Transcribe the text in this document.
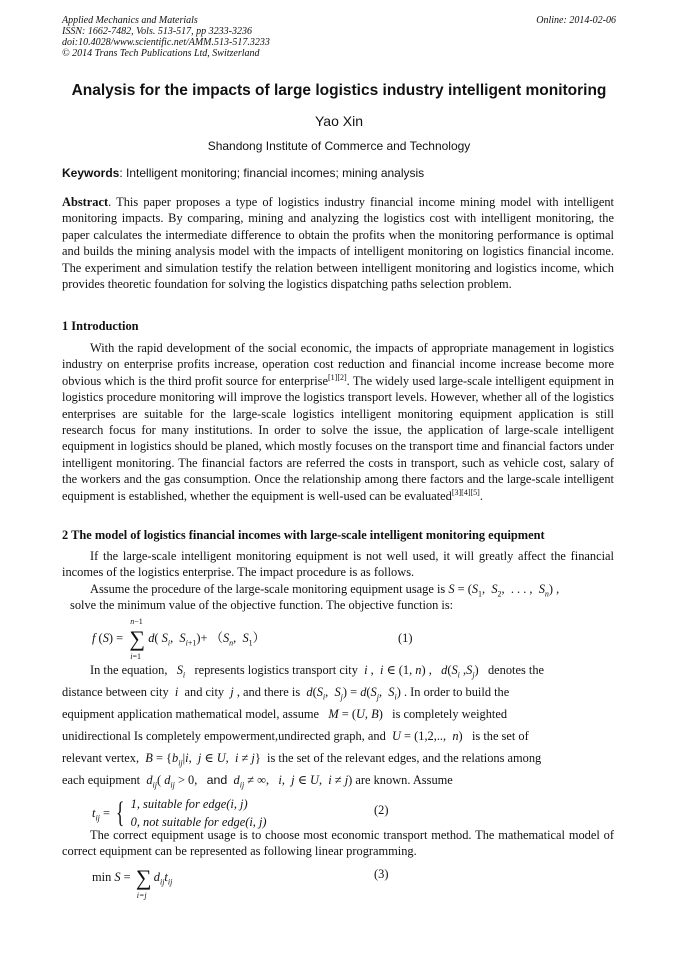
Applied Mechanics and Materials
ISSN: 1662-7482, Vols. 513-517, pp 3233-3236
doi:10.4028/www.scientific.net/AMM.513-517.3233
© 2014 Trans Tech Publications Ltd, Switzerland
Online: 2014-02-06
Analysis for the impacts of large logistics industry intelligent monitoring
Yao Xin
Shandong Institute of Commerce and Technology
Keywords: Intelligent monitoring; financial incomes; mining analysis

Abstract. This paper proposes a type of logistics industry financial income mining model with intelligent monitoring impacts. By comparing, mining and analyzing the logistics cost with intelligent monitoring, the paper calculates the intermediate difference to obtain the profits when the monitoring performance is optimal and builds the mining analysis model with the impacts of intelligent monitoring on logistics financial income. The experiment and simulation testify the relation between intelligent monitoring and logistics income, which provides theoretic foundation for solving the logistics dispatching paths selection problem.

1 Introduction

With the rapid development of the social economic, the impacts of appropriate management in logistics industry on enterprise profits increase, operation cost reduction and financial income increase become more obvious which is the third profit source for enterprise[1][2]. The widely used large-scale intelligent equipment in logistics procedure monitoring will improve the logistics transport levels. However, whether all of the logistics enterprises are suitable for the large-scale logistics intelligent monitoring equipment application is still research focus for many institutions. In order to solve the issue, the application of large-scale intelligent equipment in logistics should be planed, which mostly focuses on the transport time and financial factors under intelligent monitoring. The financial factors are referred the costs in transport, such as vehicle cost, salary of the workers and the gas consumption. Once the relationship among there factors and the large-scale intelligent equipment is established, whether the equipment is well-used can be evaluated[3][4][5].

2 The model of logistics financial incomes with large-scale intelligent monitoring equipment

If the large-scale intelligent monitoring equipment is not well used, it will greatly affect the financial incomes of the logistics enterprise. The impact procedure is as follows.

Assume the procedure of the large-scale monitoring equipment usage is $S = (S_1$,  $S_2$,  . . . ,  $S_n$) ,

solve the minimum value of the objective function. The objective function is:

f (S) =
n−1
∑
i=1
d( $S_i$,  $S_{i+1})+ (S_n$,  $S_1$）	(1)

In the equation, $S_i$ represents logistics transport city i ,  i ∈ (1, n) ,   $d(S_i$ $,S_j$)   denotes the

distance between city i and city j , and there is $d(S_i$,  $S_j) = d(S_j$,  $S_i$) . In order to build the

equipment application mathematical model, assume M = (U, B)   is completely weighted

unidirectional Is completely empowerment,undirected graph, and U = (1,2,..,  n)   is the set of

relevant vertex, $B = \{b_{ij}|i$,  j ∈ U,  i ≠ j}  is the set of the relevant edges, and the relations among

each equipment $d_{ij}$( $d_{ij} > 0$,   and $d_{ij}$ ≠ ∞,   i,  j ∈ U,  i ≠ j) are known. Assume

$t_{ij}$ = { 1, suitable for edge(i, j)
0, not suitable for edge(i, j)
(2)

The correct equipment usage is to choose most economic transport method. The mathematical model of correct equipment can be represented as following linear programming.

min S = ∑
i=j
$d_{ij}t_{ij}$
(3)
